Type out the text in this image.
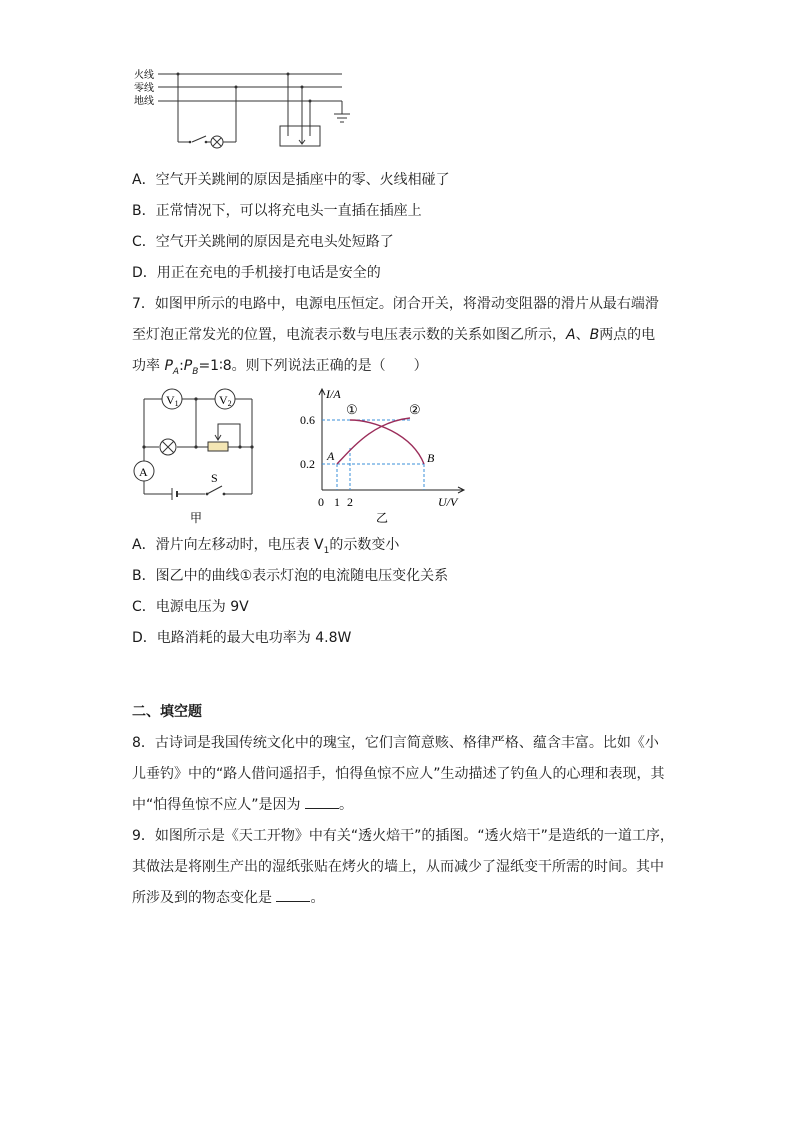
火线
零线
地线
A．空气开关跳闸的原因是插座中的零、火线相碰了
B．正常情况下，可以将充电头一直插在插座上
C．空气开关跳闸的原因是充电头处短路了
D．用正在充电的手机接打电话是安全的
7．如图甲所示的电路中，电源电压恒定。闭合开关，将滑动变阻器的滑片从最右端滑
至灯泡正常发光的位置，电流表示数与电压表示数的关系如图乙所示，A、B两点的电
功率 $P_A:P_B=1∶8$。则下列说法正确的是（　　）
V1	V2
A	S
甲
I/A
U/V
0.6
0.2
0 1 2
①	②
A	B
乙
A．滑片向左移动时，电压表 $V_1$的示数变小
B．图乙中的曲线①表示灯泡的电流随电压变化关系
C．电源电压为 9V
D．电路消耗的最大电功率为 4.8W
二、填空题
8．古诗词是我国传统文化中的瑰宝，它们言简意赅、格律严格、蕴含丰富。比如《小
儿垂钓》中的“路人借问遥招手，怕得鱼惊不应人”生动描述了钓鱼人的心理和表现，其
中“怕得鱼惊不应人”是因为 。
9．如图所示是《天工开物》中有关“透火焙干”的插图。“透火焙干”是造纸的一道工序，
其做法是将刚生产出的湿纸张贴在烤火的墙上，从而减少了湿纸变干所需的时间。其中
所涉及到的物态变化是 。
